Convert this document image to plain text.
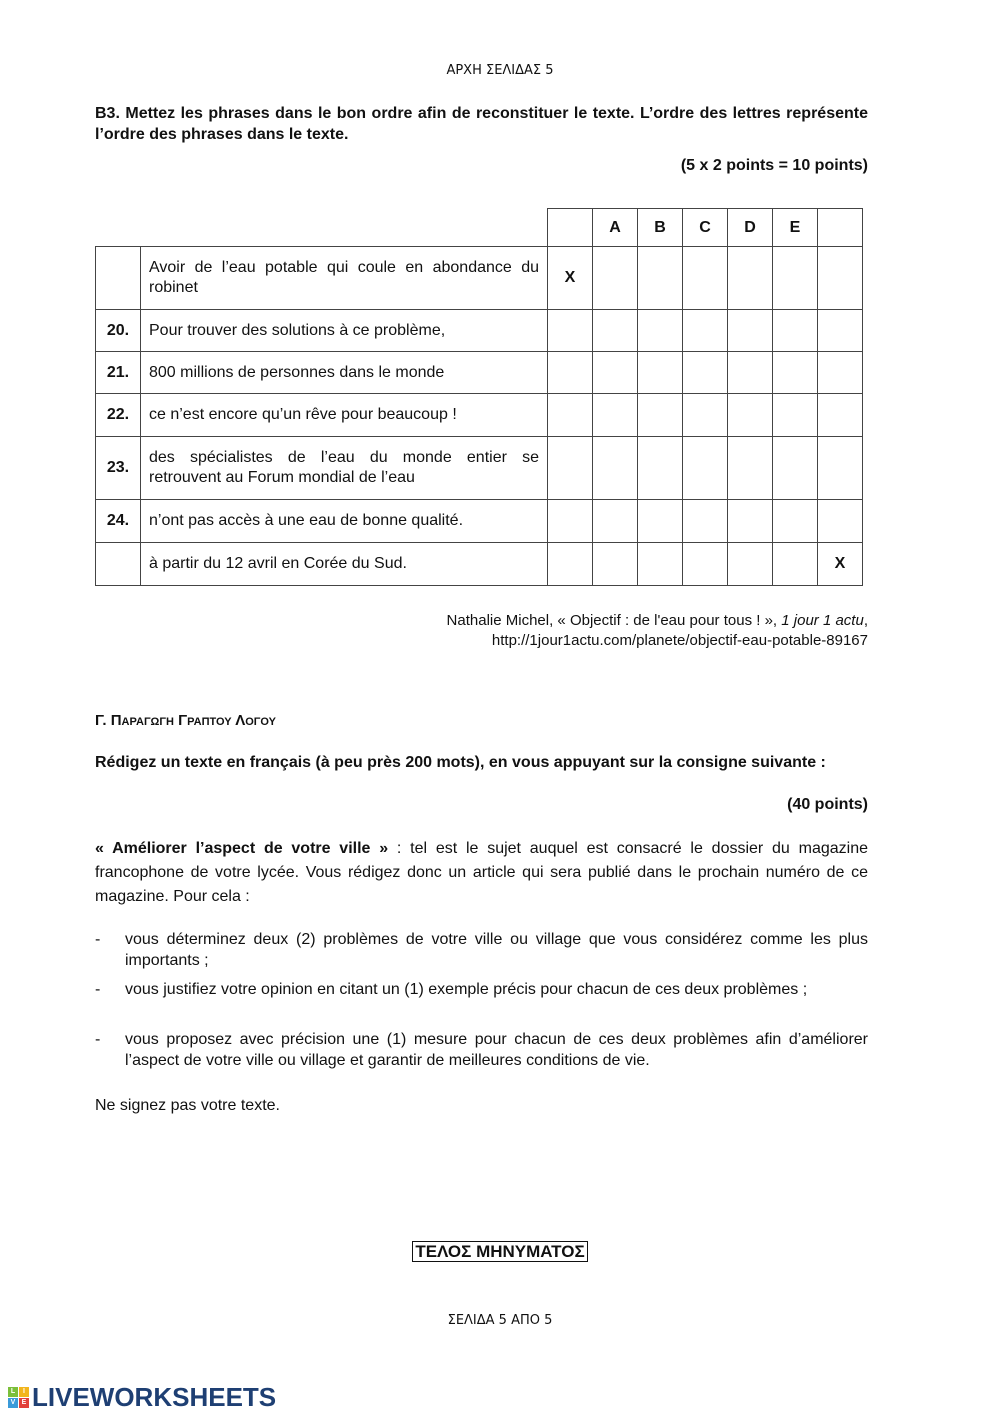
ΑΡΧΗ ΣΕΛΙΔΑΣ 5
B3. Mettez les phrases dans le bon ordre afin de reconstituer le texte. L’ordre des lettres représente l’ordre des phrases dans le texte.
(5 x 2 points = 10 points)
			A	B	C	D	E	
	Avoir de l’eau potable qui coule en abondance du robinet	X						
20.	Pour trouver des solutions à ce problème,							
21.	800 millions de personnes dans le monde							
22.	ce n’est encore qu’un rêve pour beaucoup !							
23.	des spécialistes de l’eau du monde entier se retrouvent au Forum mondial de l’eau							
24.	n’ont pas accès à une eau de bonne qualité.							
	à partir du 12 avril en Corée du Sud.							X
Nathalie Michel, « Objectif : de l'eau pour tous ! », 1 jour 1 actu,
http://1jour1actu.com/planete/objectif-eau-potable-89167
Γ. Παραγωγη Γραπτου Λογου
Rédigez un texte en français (à peu près 200 mots), en vous appuyant sur la consigne suivante :
(40 points)
« Améliorer l’aspect de votre ville » : tel est le sujet auquel est consacré le dossier du magazine francophone de votre lycée. Vous rédigez donc un article qui sera publié dans le prochain numéro de ce magazine. Pour cela :
- vous déterminez deux (2) problèmes de votre ville ou village que vous considérez comme les plus importants ;
- vous justifiez votre opinion en citant un (1) exemple précis pour chacun de ces deux problèmes ;
- vous proposez avec précision une (1) mesure pour chacun de ces deux problèmes afin d’améliorer l’aspect de votre ville ou village et garantir de meilleures conditions de vie.
Ne signez pas votre texte.
ΤΕΛΟΣ ΜΗΝΥΜΑΤΟΣ
ΣΕΛΙΔΑ 5 ΑΠΟ 5
L	I
V E LIVEWORKSHEETS
